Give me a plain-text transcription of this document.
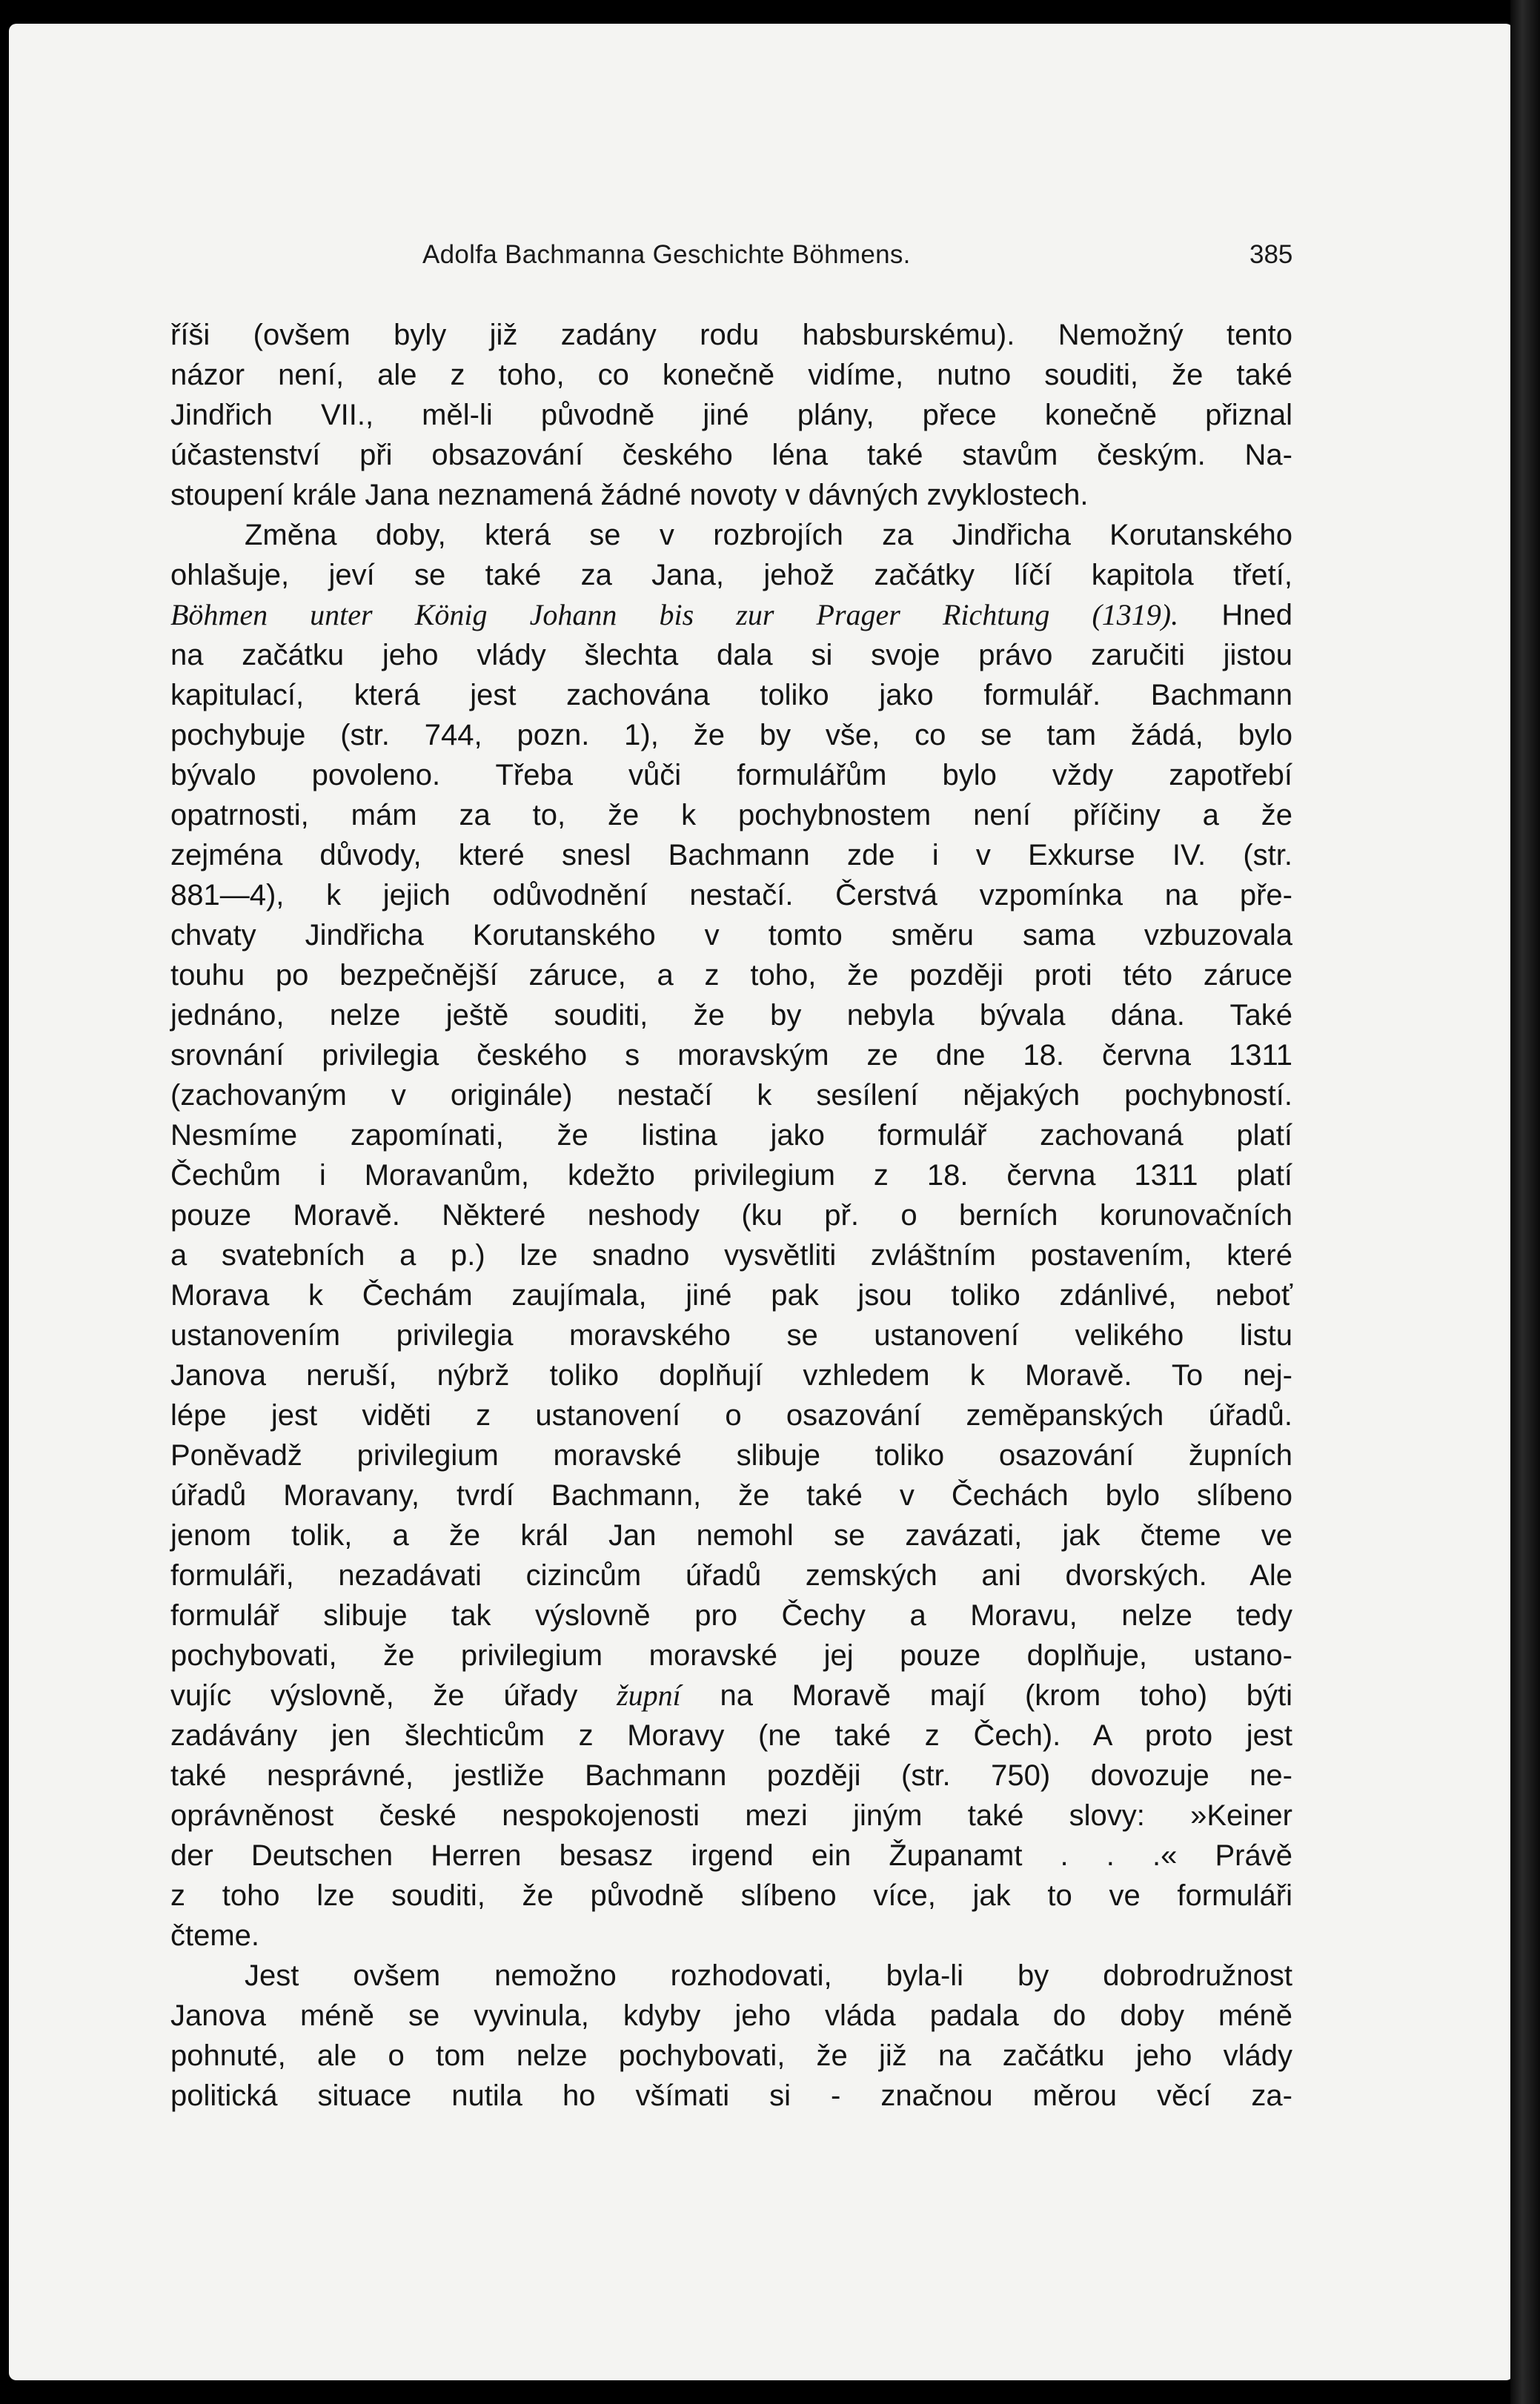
Adolfa Bachmanna Geschichte Böhmens.	385
říši (ovšem byly již zadány rodu habsburskému). Nemožný tento
názor není, ale z toho, co konečně vidíme, nutno souditi, že také
Jindřich VII., měl-li původně jiné plány, přece konečně přiznal
účastenství při obsazování českého léna také stavům českým. Na-
stoupení krále Jana neznamená žádné novoty v dávných zvyklostech.
Změna doby, která se v rozbrojích za Jindřicha Korutanského
ohlašuje, jeví se také za Jana, jehož začátky líčí kapitola třetí,
Böhmen unter König Johann bis zur Prager Richtung (1319). Hned
na začátku jeho vlády šlechta dala si svoje právo zaručiti jistou
kapitulací, která jest zachována toliko jako formulář. Bachmann
pochybuje (str. 744, pozn. 1), že by vše, co se tam žádá, bylo
bývalo povoleno. Třeba vůči formulářům bylo vždy zapotřebí
opatrnosti, mám za to, že k pochybnostem není příčiny a že
zejména důvody, které snesl Bachmann zde i v Exkurse IV. (str.
881—4), k jejich odůvodnění nestačí. Čerstvá vzpomínka na pře-
chvaty Jindřicha Korutanského v tomto směru sama vzbuzovala
touhu po bezpečnější záruce, a z toho, že později proti této záruce
jednáno, nelze ještě souditi, že by nebyla bývala dána. Také
srovnání privilegia českého s moravským ze dne 18. června 1311
(zachovaným v originále) nestačí k sesílení nějakých pochybností.
Nesmíme zapomínati, že listina jako formulář zachovaná platí
Čechům i Moravanům, kdežto privilegium z 18. června 1311 platí
pouze Moravě. Některé neshody (ku př. o berních korunovačních
a svatebních a p.) lze snadno vysvětliti zvláštním postavením, které
Morava k Čechám zaujímala, jiné pak jsou toliko zdánlivé, neboť
ustanovením privilegia moravského se ustanovení velikého listu
Janova neruší, nýbrž toliko doplňují vzhledem k Moravě. To nej-
lépe jest viděti z ustanovení o osazování zeměpanských úřadů.
Poněvadž privilegium moravské slibuje toliko osazování župních
úřadů Moravany, tvrdí Bachmann, že také v Čechách bylo slíbeno
jenom tolik, a že král Jan nemohl se zavázati, jak čteme ve
formuláři, nezadávati cizincům úřadů zemských ani dvorských. Ale
formulář slibuje tak výslovně pro Čechy a Moravu, nelze tedy
pochybovati, že privilegium moravské jej pouze doplňuje, ustano-
vujíc výslovně, že úřady župní na Moravě mají (krom toho) býti
zadávány jen šlechticům z Moravy (ne také z Čech). A proto jest
také nesprávné, jestliže Bachmann později (str. 750) dovozuje ne-
oprávněnost české nespokojenosti mezi jiným také slovy: »Keiner
der Deutschen Herren besasz irgend ein Županamt . . .« Právě
z toho lze souditi, že původně slíbeno více, jak to ve formuláři
čteme.
Jest ovšem nemožno rozhodovati, byla-li by dobrodružnost
Janova méně se vyvinula, kdyby jeho vláda padala do doby méně
pohnuté, ale o tom nelze pochybovati, že již na začátku jeho vlády
politická situace nutila ho všímati si - značnou měrou věcí za-
